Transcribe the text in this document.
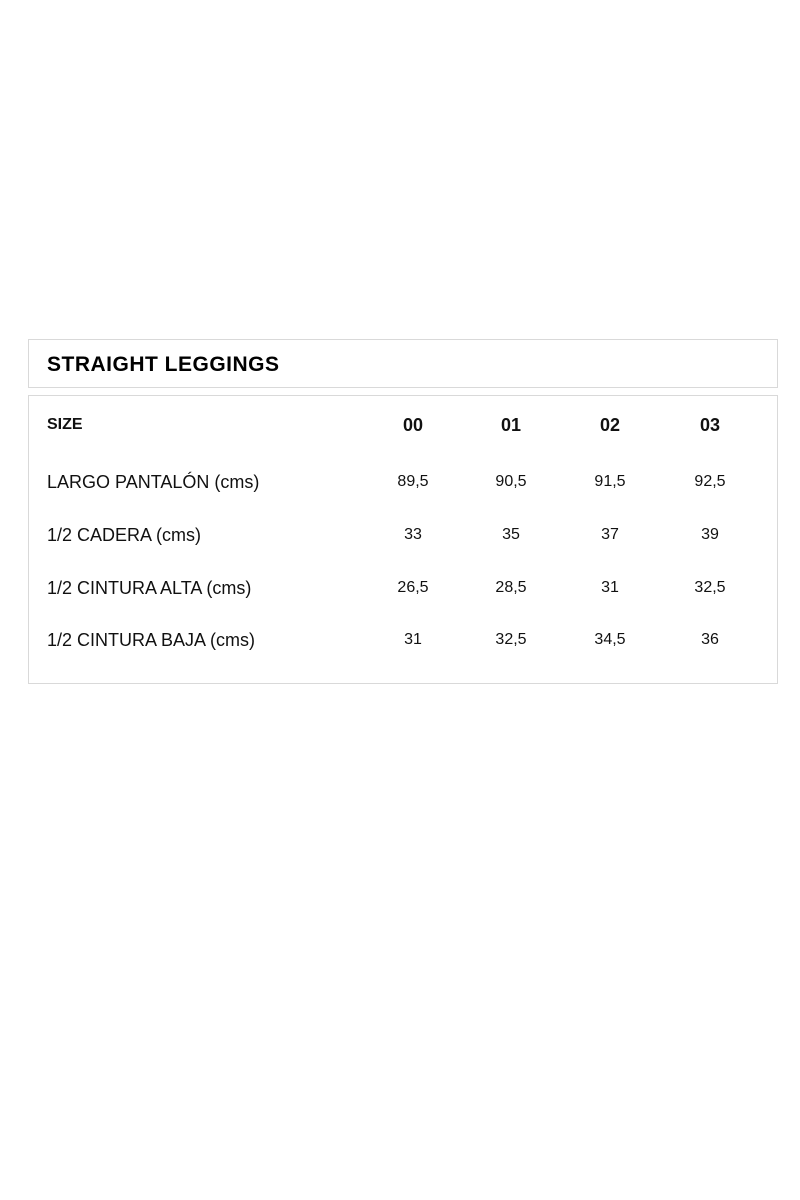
STRAIGHT LEGGINGS
SIZE	00	01	02	03
LARGO PANTALÓN (cms)	89,5	90,5	91,5	92,5
1/2 CADERA (cms)	33	35	37	39
1/2 CINTURA ALTA (cms)	26,5	28,5	31	32,5
1/2 CINTURA BAJA (cms)	31	32,5	34,5	36
